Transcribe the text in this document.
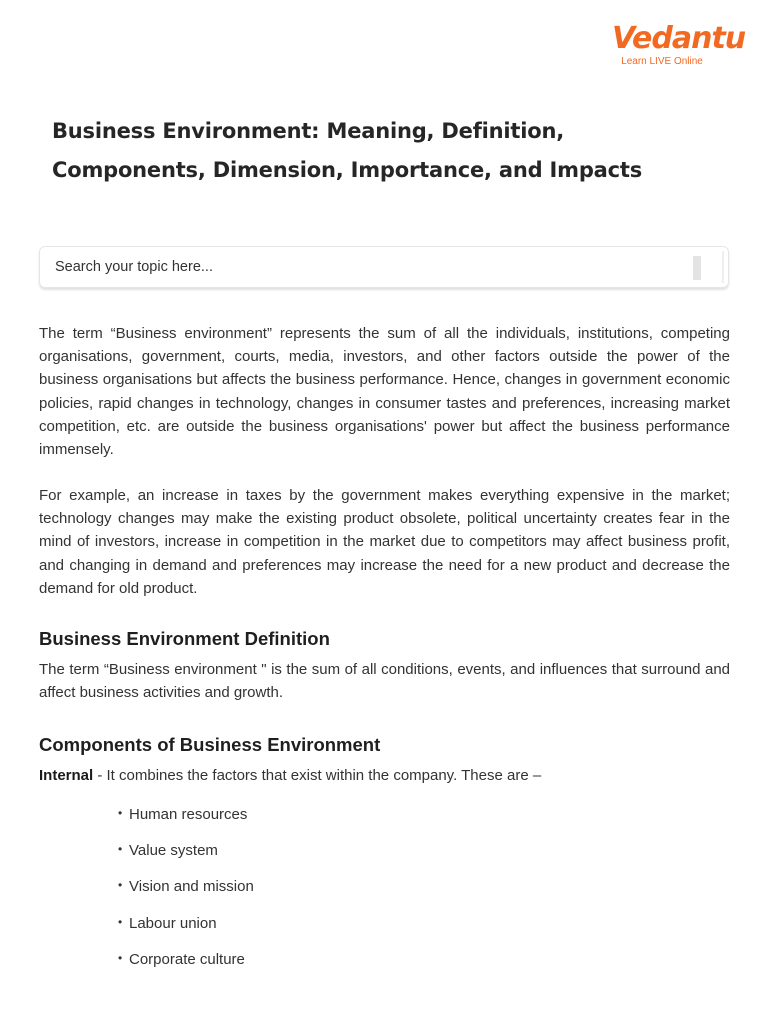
Vedantu
Learn LIVE Online
Business Environment: Meaning, Definition, Components, Dimension, Importance, and Impacts
Search your topic here...

The term “Business environment” represents the sum of all the individuals, institutions, competing organisations, government, courts, media, investors, and other factors outside the power of the business organisations but affects the business performance. Hence, changes in government economic policies, rapid changes in technology, changes in consumer tastes and preferences, increasing market competition, etc. are outside the business organisations' power but affect the business performance immensely.

For example, an increase in taxes by the government makes everything expensive in the market; technology changes may make the existing product obsolete, political uncertainty creates fear in the mind of investors, increase in competition in the market due to competitors may affect business profit, and changing in demand and preferences may increase the need for a new product and decrease the demand for old product.

Business Environment Definition

The term “Business environment " is the sum of all conditions, events, and influences that surround and affect business activities and growth.

Components of Business Environment

Internal - It combines the factors that exist within the company. These are –

• Human resources
• Value system
• Vision and mission
• Labour union
• Corporate culture
